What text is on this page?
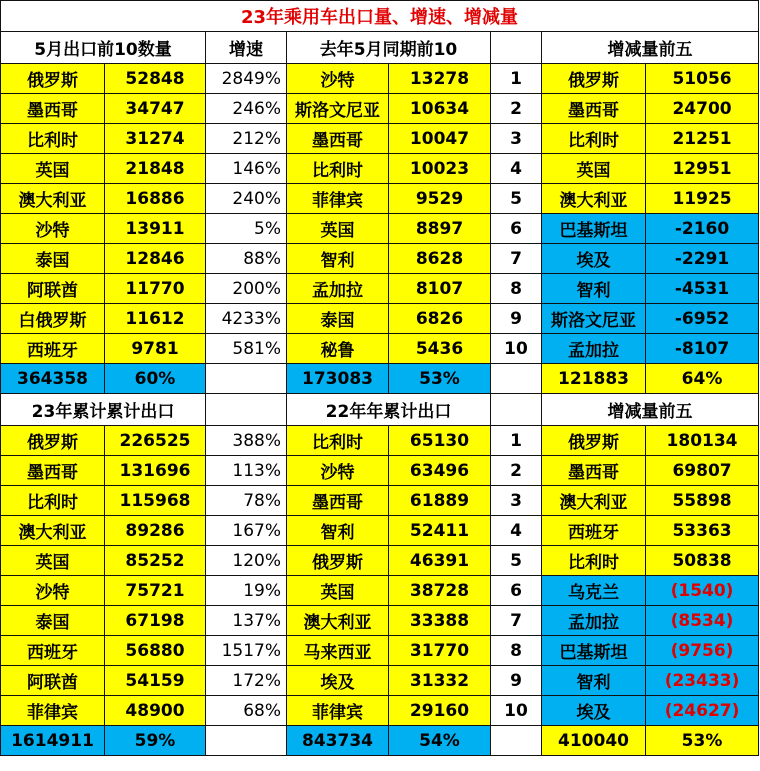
23年乘用车出口量、增速、增减量							
5月出口前10数量		增速	去年5月同期前10			增减量前五	
俄罗斯	52848	2849%	沙特	13278	1	俄罗斯	51056
墨西哥	34747	246%	斯洛文尼亚	10634	2	墨西哥	24700
比利时	31274	212%	墨西哥	10047	3	比利时	21251
英国	21848	146%	比利时	10023	4	英国	12951
澳大利亚	16886	240%	菲律宾	9529	5	澳大利亚	11925
沙特	13911	5%	英国	8897	6	巴基斯坦	-2160
泰国	12846	88%	智利	8628	7	埃及	-2291
阿联酋	11770	200%	孟加拉	8107	8	智利	-4531
白俄罗斯	11612	4233%	泰国	6826	9	斯洛文尼亚	-6952
西班牙	9781	581%	秘鲁	5436	10	孟加拉	-8107
364358	60%		173083	53%		121883	64%
23年累计累计出口			22年年累计出口			增减量前五	
俄罗斯	226525	388%	比利时	65130	1	俄罗斯	180134
墨西哥	131696	113%	沙特	63496	2	墨西哥	69807
比利时	115968	78%	墨西哥	61889	3	澳大利亚	55898
澳大利亚	89286	167%	智利	52411	4	西班牙	53363
英国	85252	120%	俄罗斯	46391	5	比利时	50838
沙特	75721	19%	英国	38728	6	乌克兰	(1540)
泰国	67198	137%	澳大利亚	33388	7	孟加拉	(8534)
西班牙	56880	1517%	马来西亚	31770	8	巴基斯坦	(9756)
阿联酋	54159	172%	埃及	31332	9	智利	(23433)
菲律宾	48900	68%	菲律宾	29160	10	埃及	(24627)
1614911	59%		843734	54%		410040	53%
